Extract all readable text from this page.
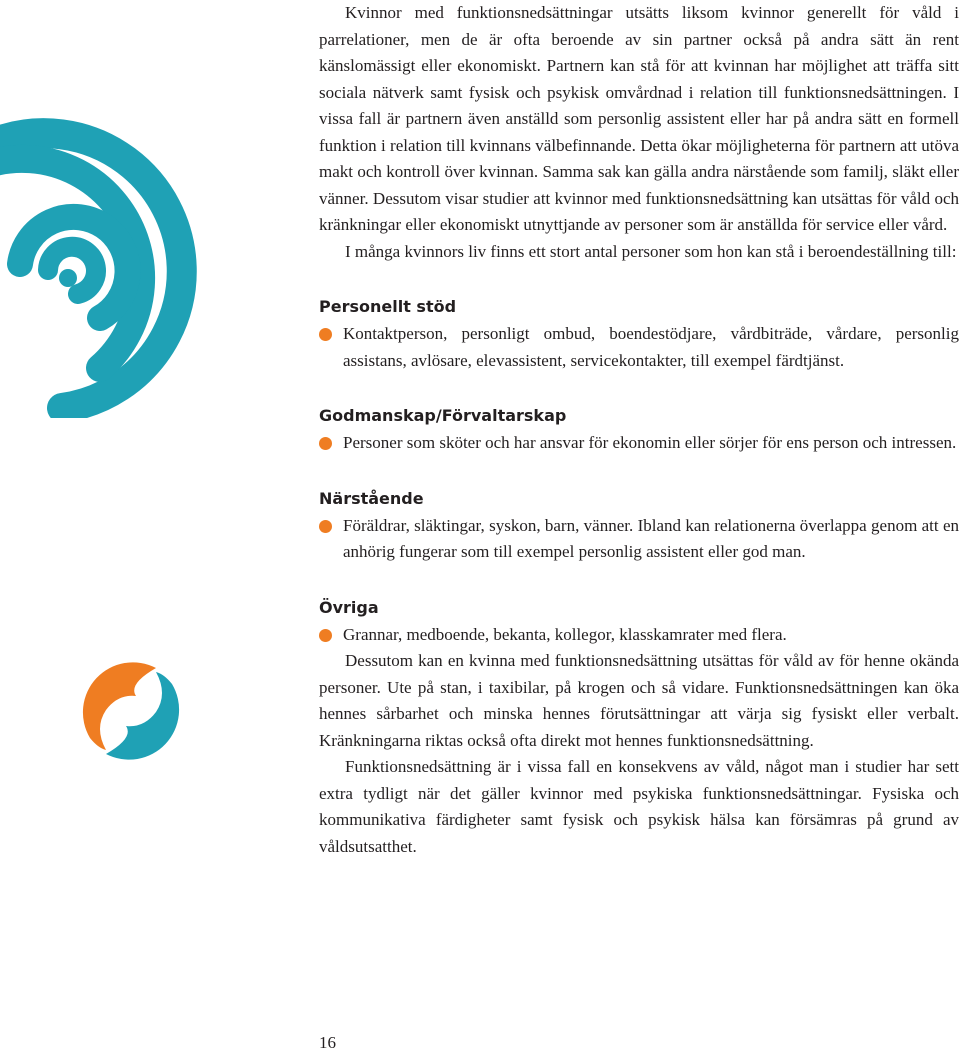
Kvinnor med funktionsnedsättningar utsätts liksom kvinnor generellt för våld i parrelationer, men de är ofta beroende av sin partner också på andra sätt än rent känslomässigt eller ekonomiskt. Partnern kan stå för att kvinnan har möjlighet att träffa sitt sociala nätverk samt fysisk och psykisk omvårdnad i relation till funktionsnedsättningen. I vissa fall är partnern även anställd som personlig assistent eller har på andra sätt en formell funktion i relation till kvinnans välbefinnande. Detta ökar möjligheterna för partnern att utöva makt och kontroll över kvinnan. Samma sak kan gälla andra närstående som familj, släkt eller vänner. Dessutom visar studier att kvinnor med funktionsnedsättning kan utsättas för våld och kränkningar eller ekonomiskt utnyttjande av personer som är anställda för service eller vård.

I många kvinnors liv finns ett stort antal personer som hon kan stå i beroendeställning till:

Personellt stöd
Kontaktperson, personligt ombud, boendestödjare, vårdbiträde, vårdare, personlig assistans, avlösare, elevassistent, servicekontakter, till exempel färdtjänst.
Godmanskap/Förvaltarskap
Personer som sköter och har ansvar för ekonomin eller sörjer för ens person och intressen.
Närstående
Föräldrar, släktingar, syskon, barn, vänner. Ibland kan relationerna överlappa genom att en anhörig fungerar som till exempel personlig assistent eller god man.
Övriga
Grannar, medboende, bekanta, kollegor, klasskamrater med flera.

Dessutom kan en kvinna med funktionsnedsättning utsättas för våld av för henne okända personer. Ute på stan, i taxibilar, på krogen och så vidare. Funktionsnedsättningen kan öka hennes sårbarhet och minska hennes förutsättningar att värja sig fysiskt eller verbalt. Kränkningarna riktas också ofta direkt mot hennes funktionsnedsättning.

Funktionsnedsättning är i vissa fall en konsekvens av våld, något man i studier har sett extra tydligt när det gäller kvinnor med psykiska funktionsnedsättningar. Fysiska och kommunikativa färdigheter samt fysisk och psykisk hälsa kan försämras på grund av våldsutsatthet.

16
